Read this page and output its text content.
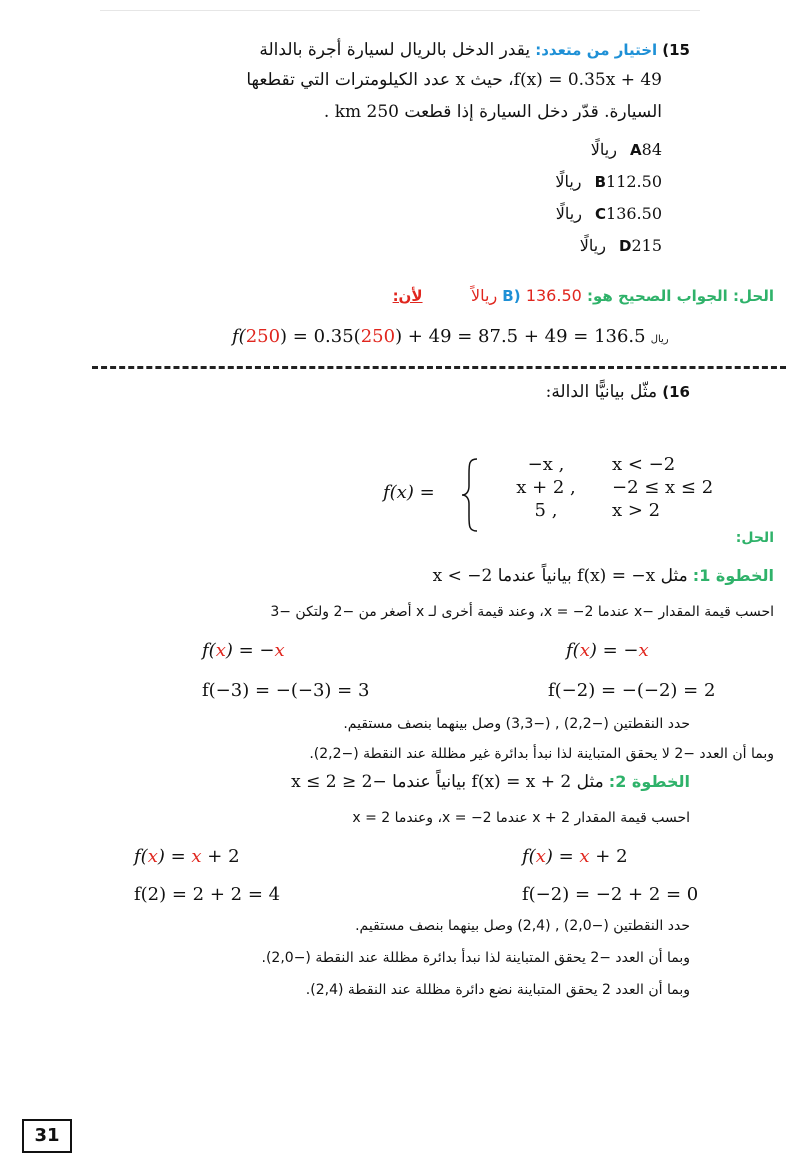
15) اختيار من متعدد: يقدر الدخل بالريال لسيارة أجرة بالدالة
f(x) = 0.35x + 49، حيث x عدد الكيلومترات التي تقطعها
السيارة. قدّر دخل السيارة إذا قطعت 250 km .
A84 ريالًا
B112.50 ريالًا
C136.50 ريالًا
D215 ريالًا
الحل: الجواب الصحيح هو: B) 136.50 ريالاً  لأن:
f(250) = 0.35(250) + 49 = 87.5 + 49 = 136.5 ريال
16) مثّل بيانيًّا الدالة:
f(x) =
−x ,	x < −2
x + 2 ,	−2 ≤ x ≤ 2
5 ,	x > 2
الحل:
الخطوة 1: مثل f(x) = −x بيانياً عندما x < −2
احسب قيمة المقدار −x عندما x = −2، وعند قيمة أخرى لـ x أصغر من −2 ولتكن −3
f(x) = −x	f(x) = −x
f(−3) = −(−3) = 3	f(−2) = −(−2) = 2
حدد النقطتين (−2,2) , (−3,3) وصل بينهما بنصف مستقيم.
وبما أن العدد −2 لا يحقق المتباينة لذا نبدأ بدائرة غير مظللة عند النقطة (−2,2).
الخطوة 2: مثل f(x) = x + 2 بيانياً عندما −2 ≤ x ≤ 2
احسب قيمة المقدار x + 2 عندما x = −2، وعندما x = 2
f(x) = x + 2	f(x) = x + 2
f(2) = 2 + 2 = 4	f(−2) = −2 + 2 = 0
حدد النقطتين (−2,0) , (2,4) وصل بينهما بنصف مستقيم.
وبما أن العدد −2 يحقق المتباينة لذا نبدأ بدائرة مظللة عند النقطة (−2,0).
وبما أن العدد 2 يحقق المتباينة نضع دائرة مظللة عند النقطة (2,4).
31
